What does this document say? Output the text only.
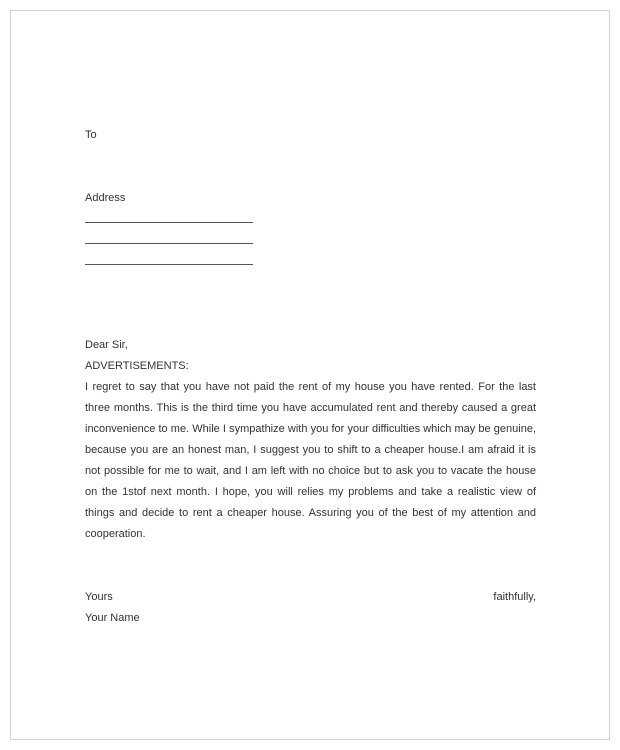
To
Address
Dear Sir,
ADVERTISEMENTS:
I regret to say that you have not paid the rent of my house you have rented. For the last three months. This is the third time you have accumulated rent and thereby caused a great inconvenience to me. While I sympathize with you for your difficulties which may be genuine, because you are an honest man, I suggest you to shift to a cheaper house.I am afraid it is not possible for me to wait, and I am left with no choice but to ask you to vacate the house on the 1stof next month. I hope, you will relies my problems and take a realistic view of things and decide to rent a cheaper house. Assuring you of the best of my attention and cooperation.
Yours	faithfully,
Your Name
